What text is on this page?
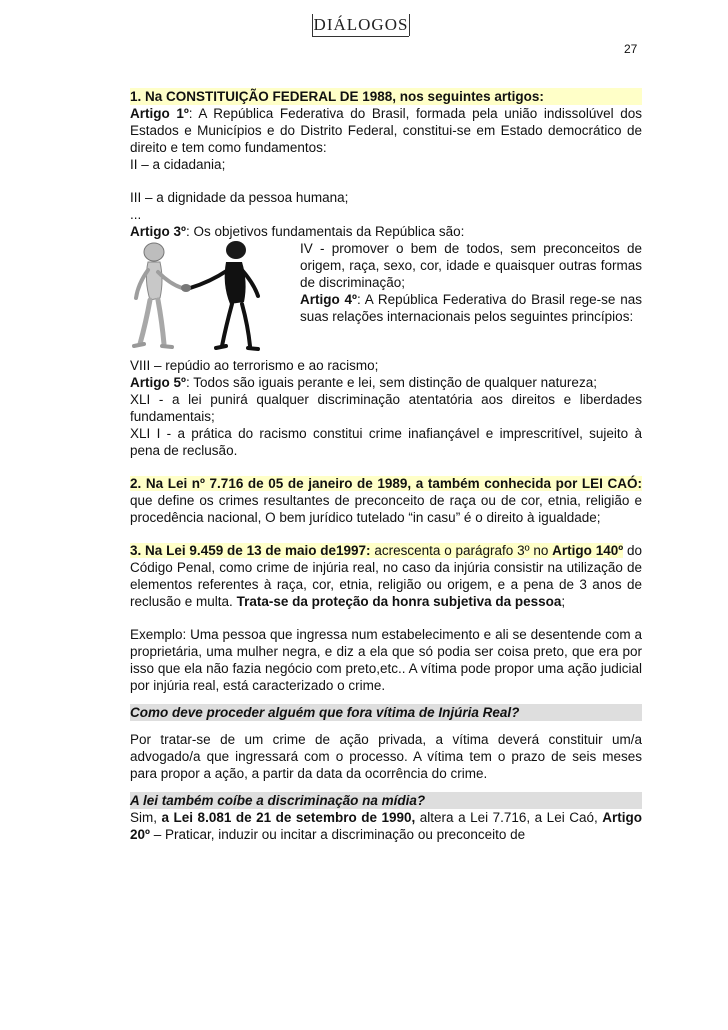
DIÁLOGOS
27

1. Na CONSTITUIÇÃO FEDERAL DE 1988, nos seguintes artigos:

Artigo 1º: A República Federativa do Brasil, formada pela união indissolúvel dos Estados e Municípios e do Distrito Federal, constitui-se em Estado democrático de direito e tem como fundamentos:

II – a cidadania;

III – a dignidade da pessoa humana;

...

Artigo 3º: Os objetivos fundamentais da República são:

IV - promover o bem de todos, sem preconceitos de origem, raça, sexo, cor, idade e quaisquer outras formas de discriminação;

Artigo 4º: A República Federativa do Brasil rege-se nas suas relações internacionais pelos seguintes princípios:

VIII – repúdio ao terrorismo e ao racismo;

Artigo 5º: Todos são iguais perante e lei, sem distinção de qualquer natureza;

XLI - a lei punirá qualquer discriminação atentatória aos direitos e liberdades fundamentais;

XLI I - a prática do racismo constitui crime inafiançável e imprescritível, sujeito à pena de reclusão.

2. Na Lei nº 7.716 de 05 de janeiro de 1989, a também conhecida por LEI CAÓ: que define os crimes resultantes de preconceito de raça ou de cor, etnia, religião e procedência nacional, O bem jurídico tutelado “in casu” é o direito à igualdade;

3. Na Lei 9.459 de 13 de maio de1997: acrescenta o parágrafo 3º no Artigo 140º do Código Penal, como crime de injúria real, no caso da injúria consistir na utilização de elementos referentes à raça, cor, etnia, religião ou origem, e a pena de 3 anos de reclusão e multa. Trata-se da proteção da honra subjetiva da pessoa;

Exemplo: Uma pessoa que ingressa num estabelecimento e ali se desentende com a proprietária, uma mulher negra, e diz a ela que só podia ser coisa preto, que era por isso que ela não fazia negócio com preto,etc.. A vítima pode propor uma ação judicial por injúria real, está caracterizado o crime.

Como deve proceder alguém que fora vítima de Injúria Real?

Por tratar-se de um crime de ação privada, a vítima deverá constituir um/a advogado/a que ingressará com o processo. A vítima tem o prazo de seis meses para propor a ação, a partir da data da ocorrência do crime.

A lei também coíbe a discriminação na mídia?

Sim, a Lei 8.081 de 21 de setembro de 1990, altera a Lei 7.716, a Lei Caó, Artigo 20º – Praticar, induzir ou incitar a discriminação ou preconceito de
